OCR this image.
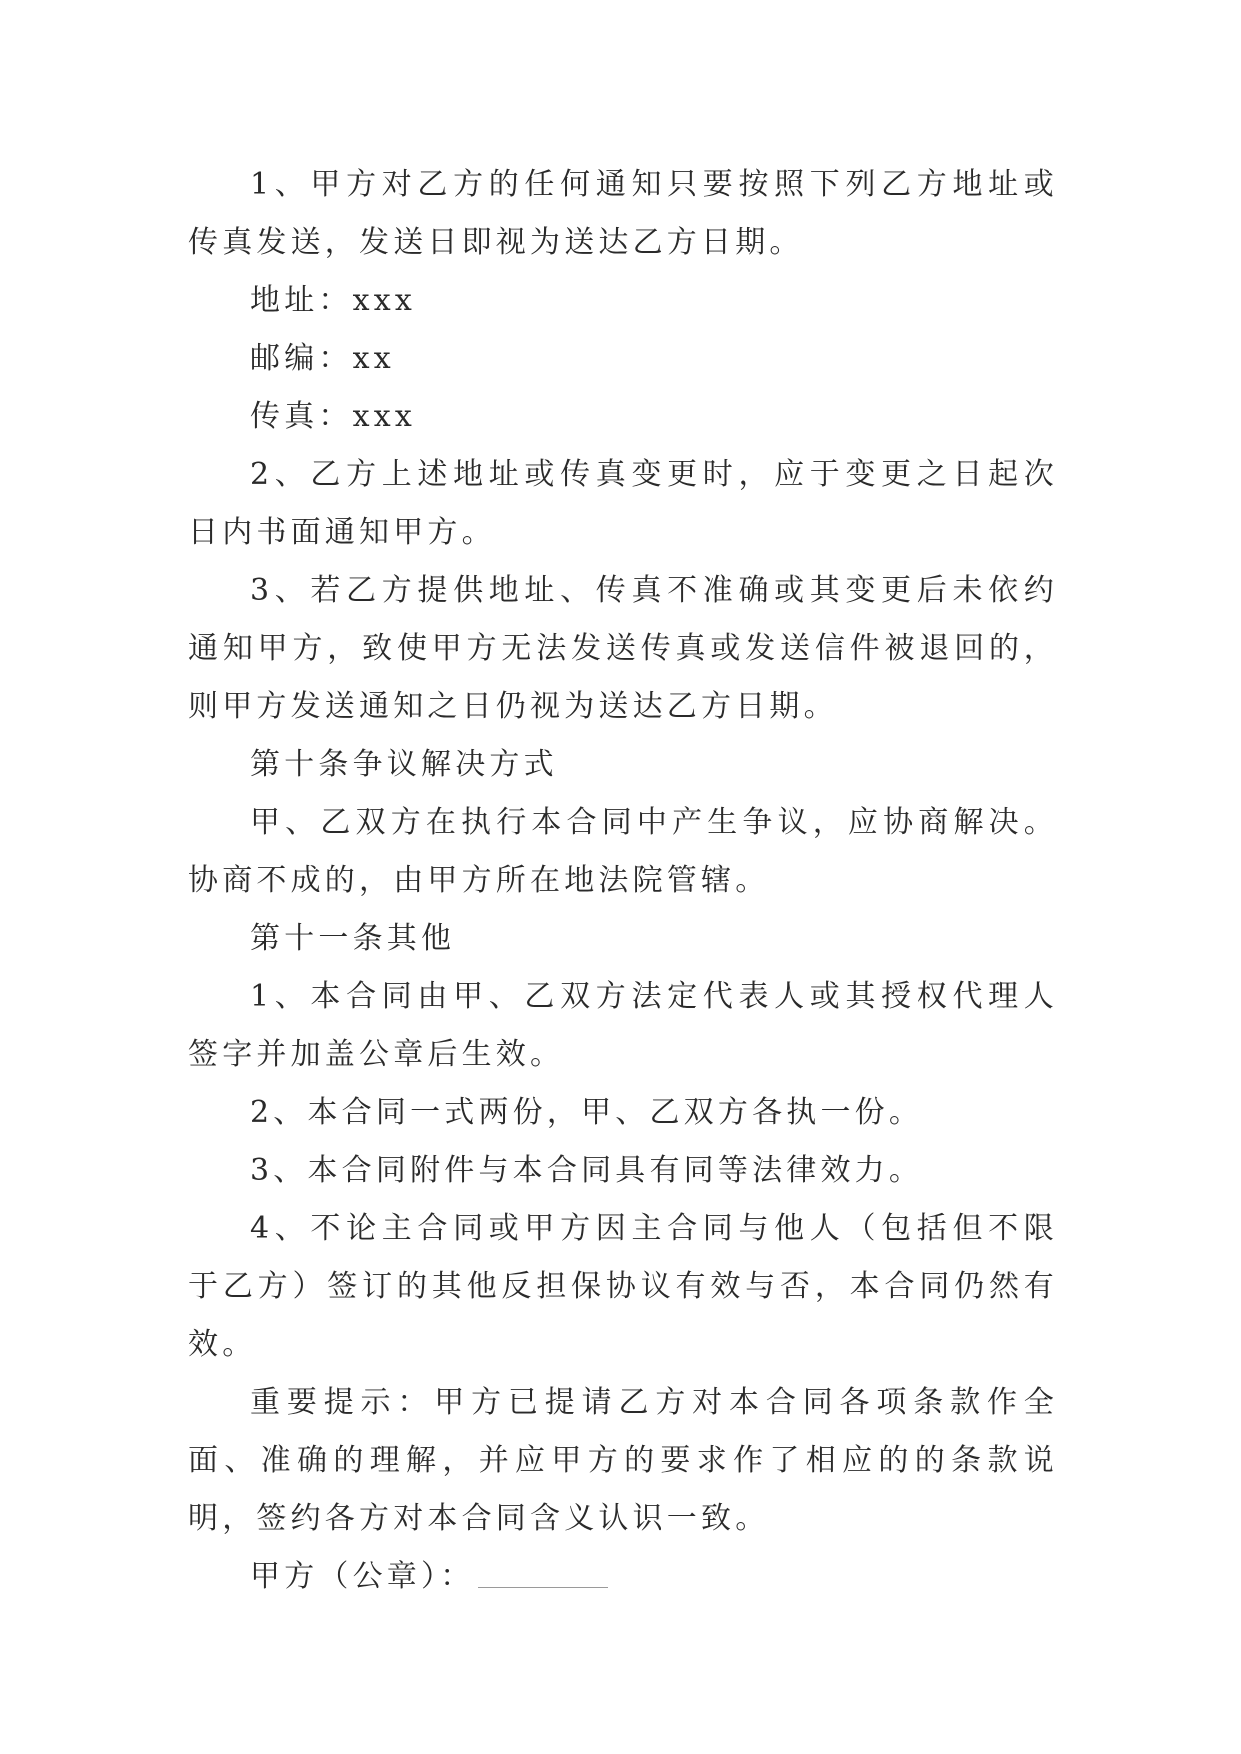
1、甲方对乙方的任何通知只要按照下列乙方地址或传真发送，发送日即视为送达乙方日期。

地址：xxx

邮编：xx

传真：xxx

2、乙方上述地址或传真变更时，应于变更之日起次日内书面通知甲方。

3、若乙方提供地址、传真不准确或其变更后未依约通知甲方，致使甲方无法发送传真或发送信件被退回的，则甲方发送通知之日仍视为送达乙方日期。

第十条争议解决方式

甲、乙双方在执行本合同中产生争议，应协商解决。协商不成的，由甲方所在地法院管辖。

第十一条其他

1、本合同由甲、乙双方法定代表人或其授权代理人签字并加盖公章后生效。

2、本合同一式两份，甲、乙双方各执一份。

3、本合同附件与本合同具有同等法律效力。

4、不论主合同或甲方因主合同与他人（包括但不限于乙方）签订的其他反担保协议有效与否，本合同仍然有效。

重要提示：甲方已提请乙方对本合同各项条款作全面、准确的理解，并应甲方的要求作了相应的的条款说明，签约各方对本合同含义认识一致。

甲方（公章）：
